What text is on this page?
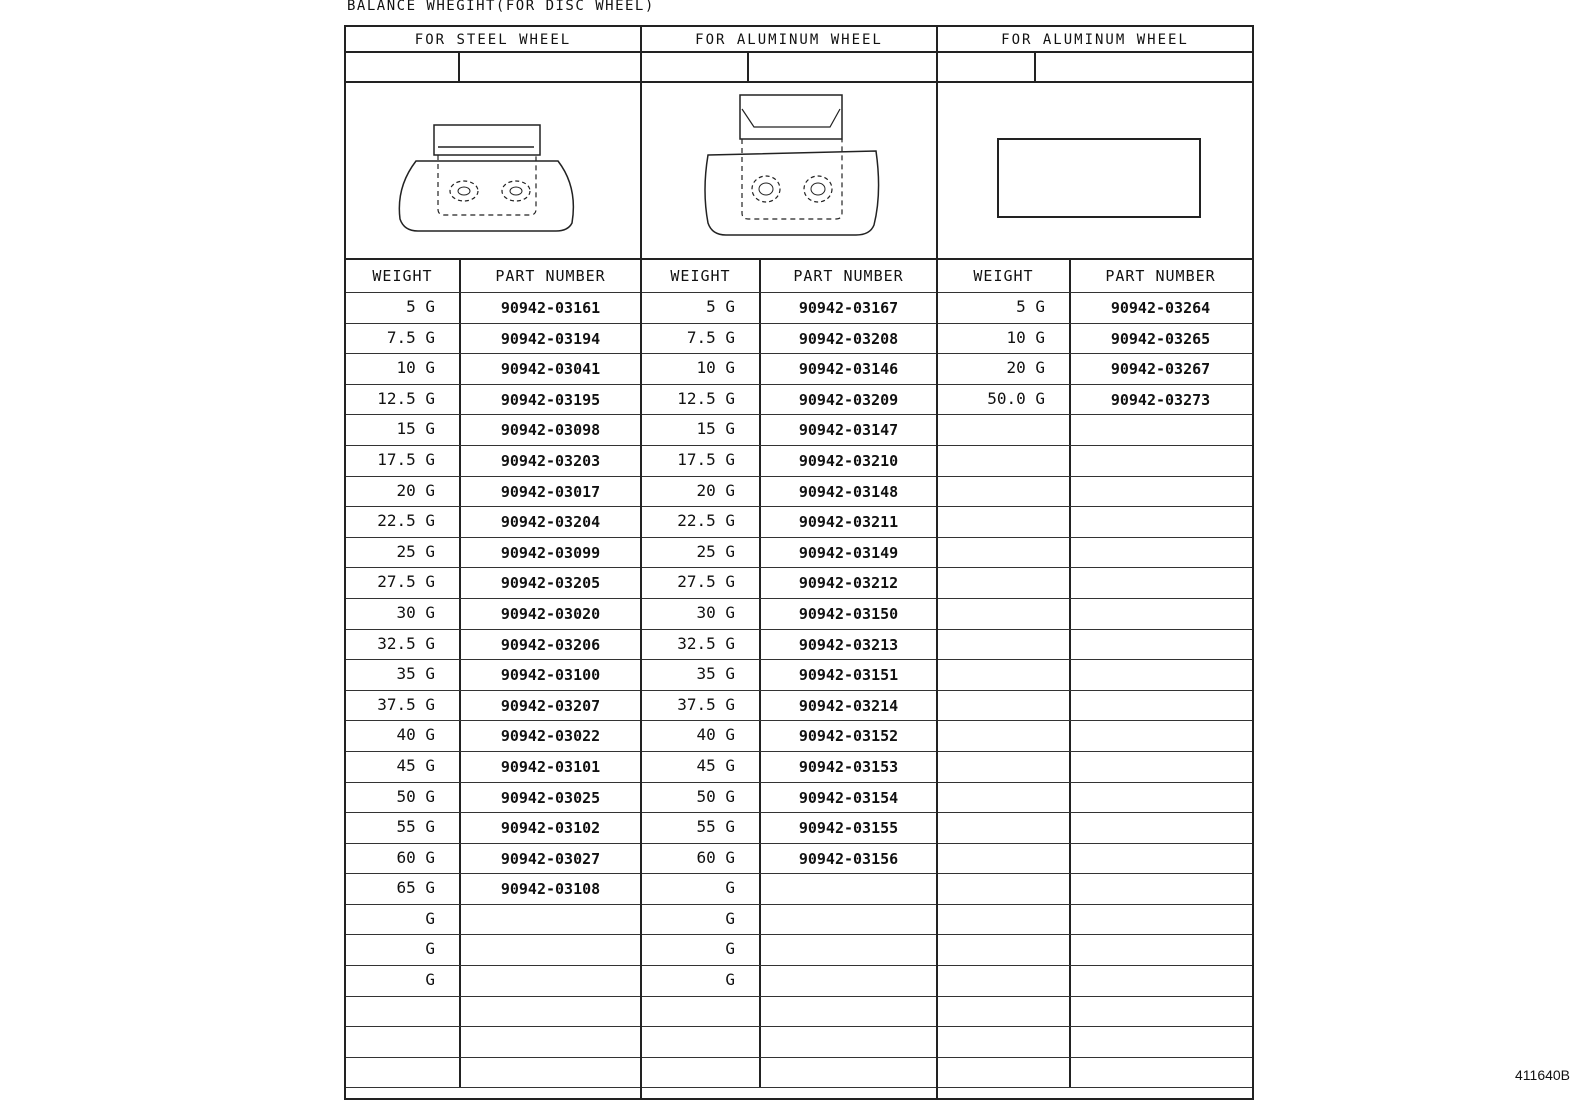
BALANCE WHEGIHT(FOR DISC WHEEL)
FOR STEEL WHEEL
WEIGHT	PART NUMBER
5 G	90942-03161
7.5 G	90942-03194
10 G	90942-03041
12.5 G	90942-03195
15 G	90942-03098
17.5 G	90942-03203
20 G	90942-03017
22.5 G	90942-03204
25 G	90942-03099
27.5 G	90942-03205
30 G	90942-03020
32.5 G	90942-03206
35 G	90942-03100
37.5 G	90942-03207
40 G	90942-03022
45 G	90942-03101
50 G	90942-03025
55 G	90942-03102
60 G	90942-03027
65 G	90942-03108
G
G
G
FOR ALUMINUM WHEEL
WEIGHT	PART NUMBER
5 G	90942-03167
7.5 G	90942-03208
10 G	90942-03146
12.5 G	90942-03209
15 G	90942-03147
17.5 G	90942-03210
20 G	90942-03148
22.5 G	90942-03211
25 G	90942-03149
27.5 G	90942-03212
30 G	90942-03150
32.5 G	90942-03213
35 G	90942-03151
37.5 G	90942-03214
40 G	90942-03152
45 G	90942-03153
50 G	90942-03154
55 G	90942-03155
60 G	90942-03156
G
G
G
G
FOR ALUMINUM WHEEL
WEIGHT	PART NUMBER
5 G	90942-03264
10 G	90942-03265
20 G	90942-03267
50.0 G	90942-03273
411640B
